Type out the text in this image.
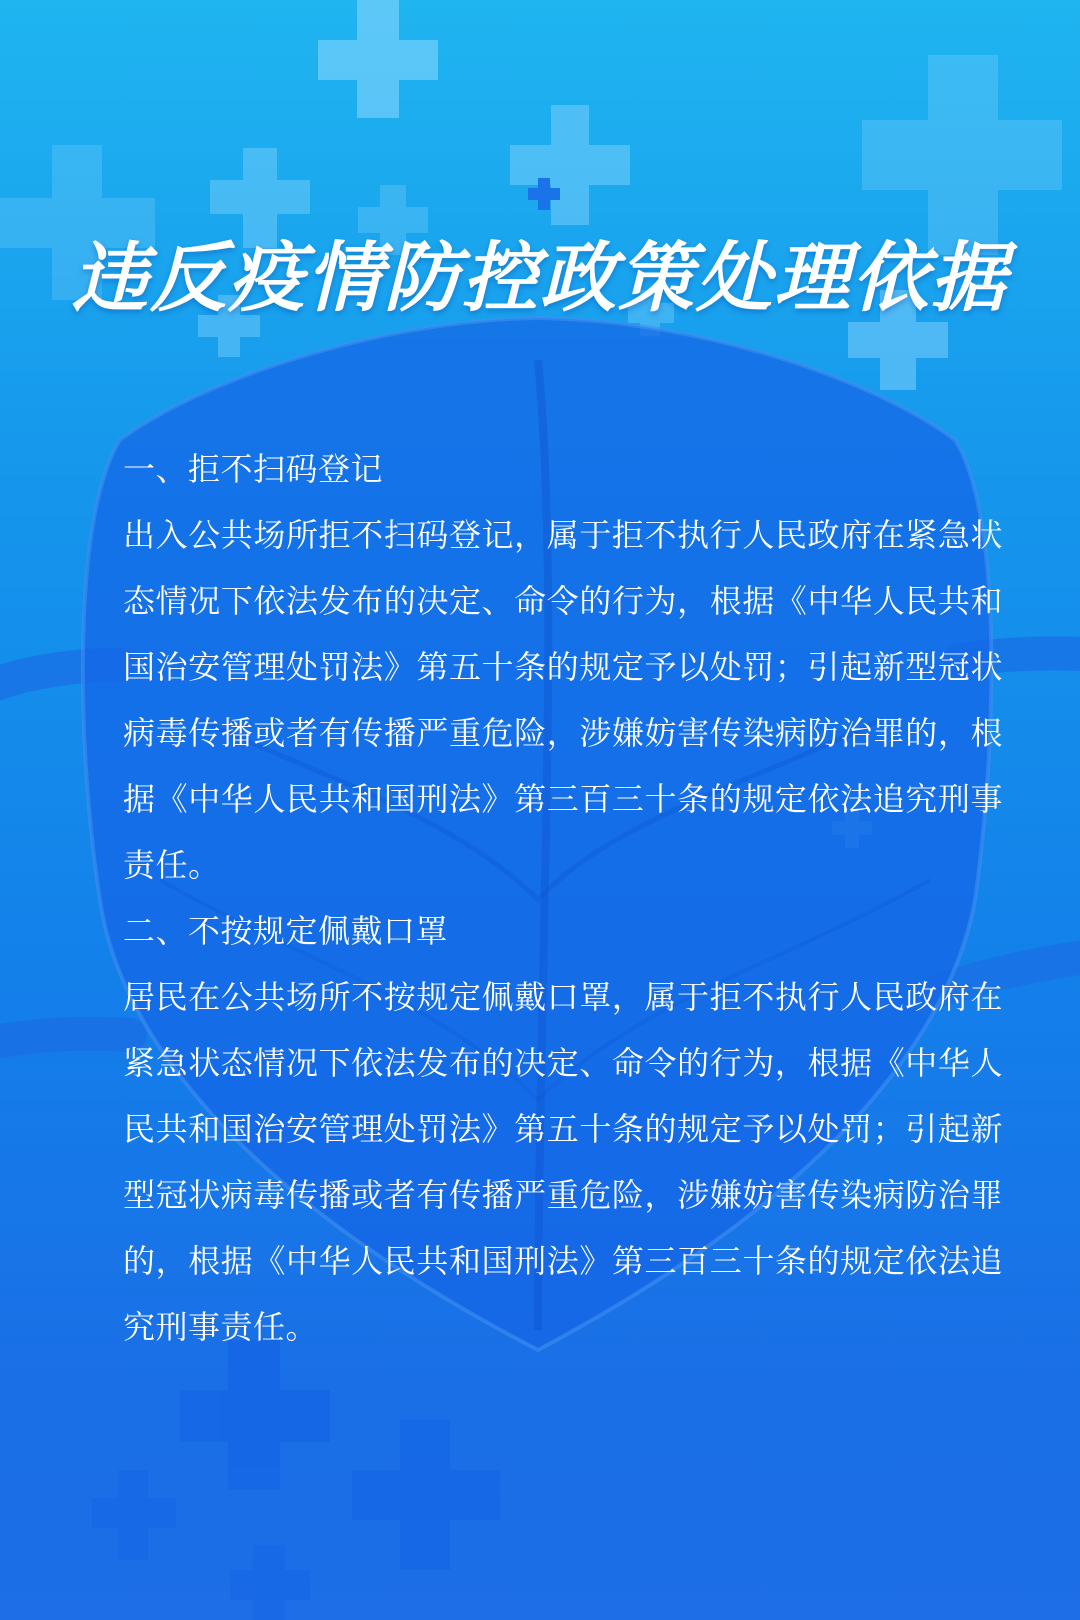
违反疫情防控政策处理依据

一、拒不扫码登记

出入公共场所拒不扫码登记，属于拒不执行人民政府在紧急状态情况下依法发布的决定、命令的行为，根据《中华人民共和国治安管理处罚法》第五十条的规定予以处罚；引起新型冠状病毒传播或者有传播严重危险，涉嫌妨害传染病防治罪的，根据《中华人民共和国刑法》第三百三十条的规定依法追究刑事责任。

二、不按规定佩戴口罩

居民在公共场所不按规定佩戴口罩，属于拒不执行人民政府在紧急状态情况下依法发布的决定、命令的行为，根据《中华人民共和国治安管理处罚法》第五十条的规定予以处罚；引起新型冠状病毒传播或者有传播严重危险，涉嫌妨害传染病防治罪的，根据《中华人民共和国刑法》第三百三十条的规定依法追究刑事责任。
